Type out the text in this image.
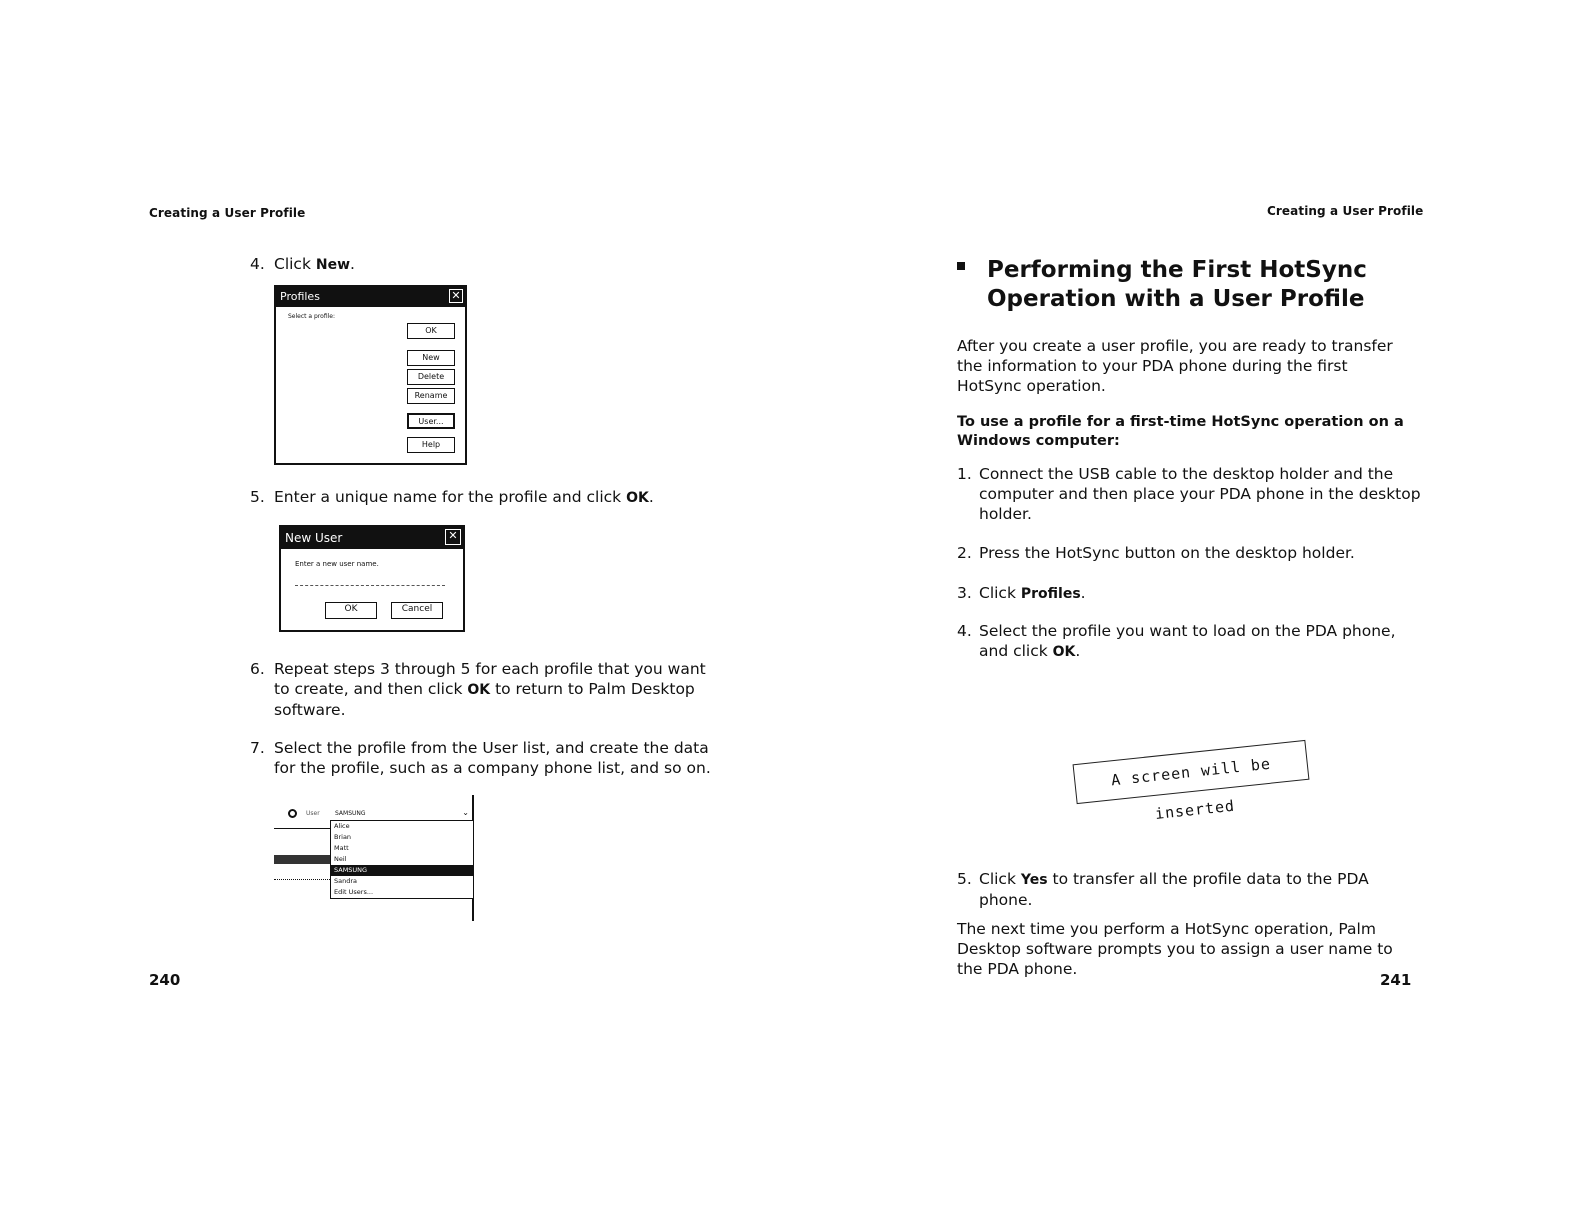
Creating a User Profile
4. Click New.
Profiles	✕
Select a profile:
OK
New
Delete
Rename
User...
Help
5. Enter a unique name for the profile and click OK.
New User	✕
Enter a new user name.
OK	Cancel
6. Repeat steps 3 through 5 for each profile that you want
to create, and then click OK to return to Palm Desktop
software.
7. Select the profile from the User list, and create the data
for the profile, such as a company phone list, and so on.
User	SAMSUNG	⌄
Alice
Brian
Matt
Neil
SAMSUNG
Sandra
Edit Users...
240
Creating a User Profile
Performing the First HotSync
Operation with a User Profile
After you create a user profile, you are ready to transfer
the information to your PDA phone during the first
HotSync operation.
To use a profile for a first-time HotSync operation on a
Windows computer:
1. Connect the USB cable to the desktop holder and the
computer and then place your PDA phone in the desktop
holder.
2. Press the HotSync button on the desktop holder.
3. Click Profiles.
4. Select the profile you want to load on the PDA phone,
and click OK.
A screen will be inserted
5. Click Yes to transfer all the profile data to the PDA
phone.
The next time you perform a HotSync operation, Palm
Desktop software prompts you to assign a user name to
the PDA phone.
241
